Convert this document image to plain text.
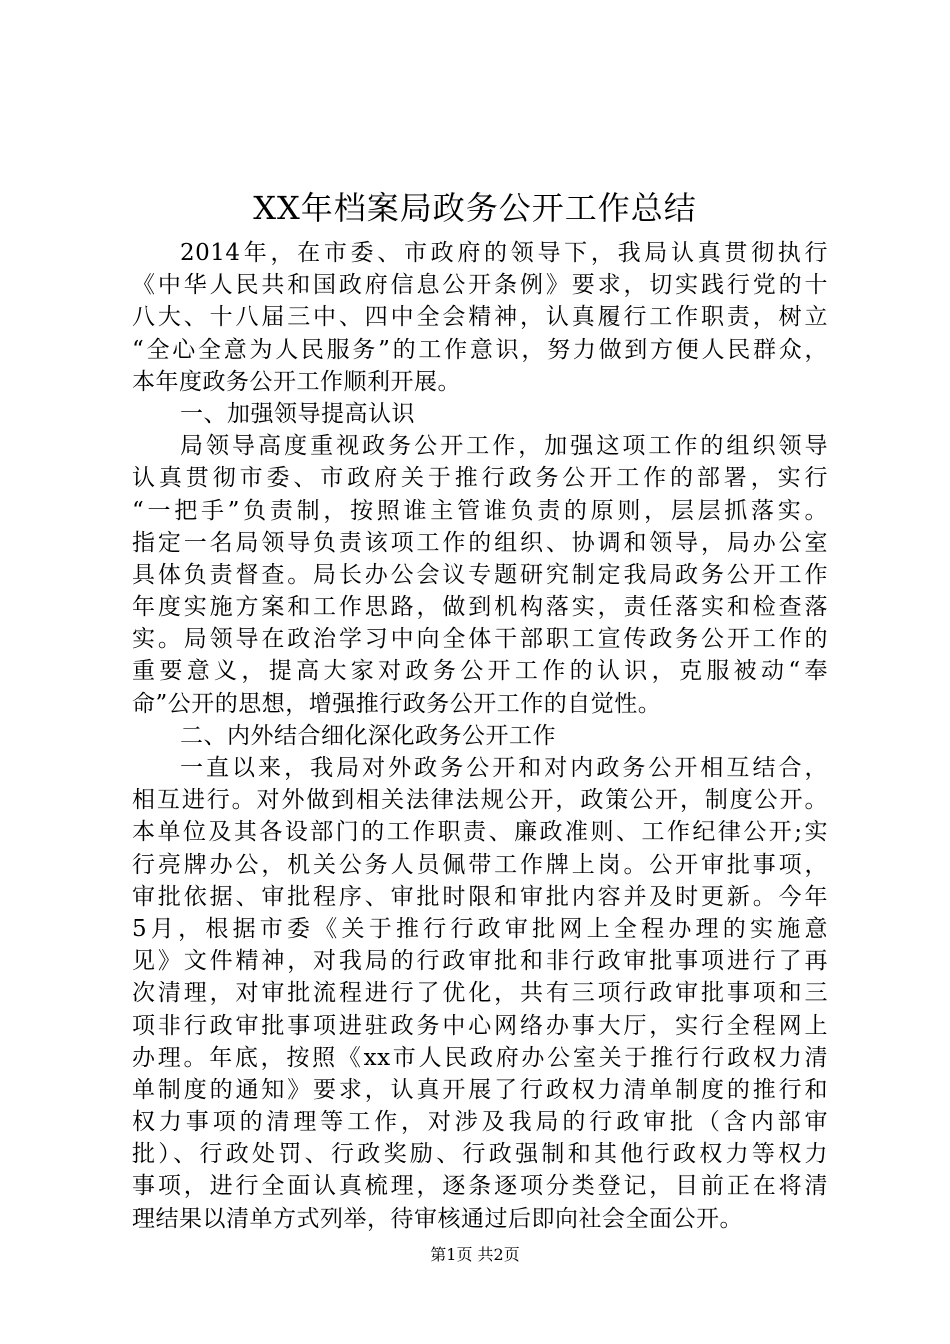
XX年档案局政务公开工作总结
2014年，在市委、市政府的领导下，我局认真贯彻执行
《中华人民共和国政府信息公开条例》要求，切实践行党的十
八大、十八届三中、四中全会精神，认真履行工作职责，树立
“全心全意为人民服务”的工作意识，努力做到方便人民群众，
本年度政务公开工作顺利开展。
一、加强领导提高认识
局领导高度重视政务公开工作，加强这项工作的组织领导
认真贯彻市委、市政府关于推行政务公开工作的部署，实行
“一把手”负责制，按照谁主管谁负责的原则，层层抓落实。
指定一名局领导负责该项工作的组织、协调和领导，局办公室
具体负责督查。局长办公会议专题研究制定我局政务公开工作
年度实施方案和工作思路，做到机构落实，责任落实和检查落
实。局领导在政治学习中向全体干部职工宣传政务公开工作的
重要意义，提高大家对政务公开工作的认识，克服被动“奉
命”公开的思想，增强推行政务公开工作的自觉性。
二、内外结合细化深化政务公开工作
一直以来，我局对外政务公开和对内政务公开相互结合，
相互进行。对外做到相关法律法规公开，政策公开，制度公开。
本单位及其各设部门的工作职责、廉政准则、工作纪律公开;实
行亮牌办公，机关公务人员佩带工作牌上岗。公开审批事项，
审批依据、审批程序、审批时限和审批内容并及时更新。今年
5月，根据市委《关于推行行政审批网上全程办理的实施意
见》文件精神，对我局的行政审批和非行政审批事项进行了再
次清理，对审批流程进行了优化，共有三项行政审批事项和三
项非行政审批事项进驻政务中心网络办事大厅，实行全程网上
办理。年底，按照《xx市人民政府办公室关于推行行政权力清
单制度的通知》要求，认真开展了行政权力清单制度的推行和
权力事项的清理等工作，对涉及我局的行政审批（含内部审
批）、行政处罚、行政奖励、行政强制和其他行政权力等权力
事项，进行全面认真梳理，逐条逐项分类登记，目前正在将清
理结果以清单方式列举，待审核通过后即向社会全面公开。
第1页 共2页
